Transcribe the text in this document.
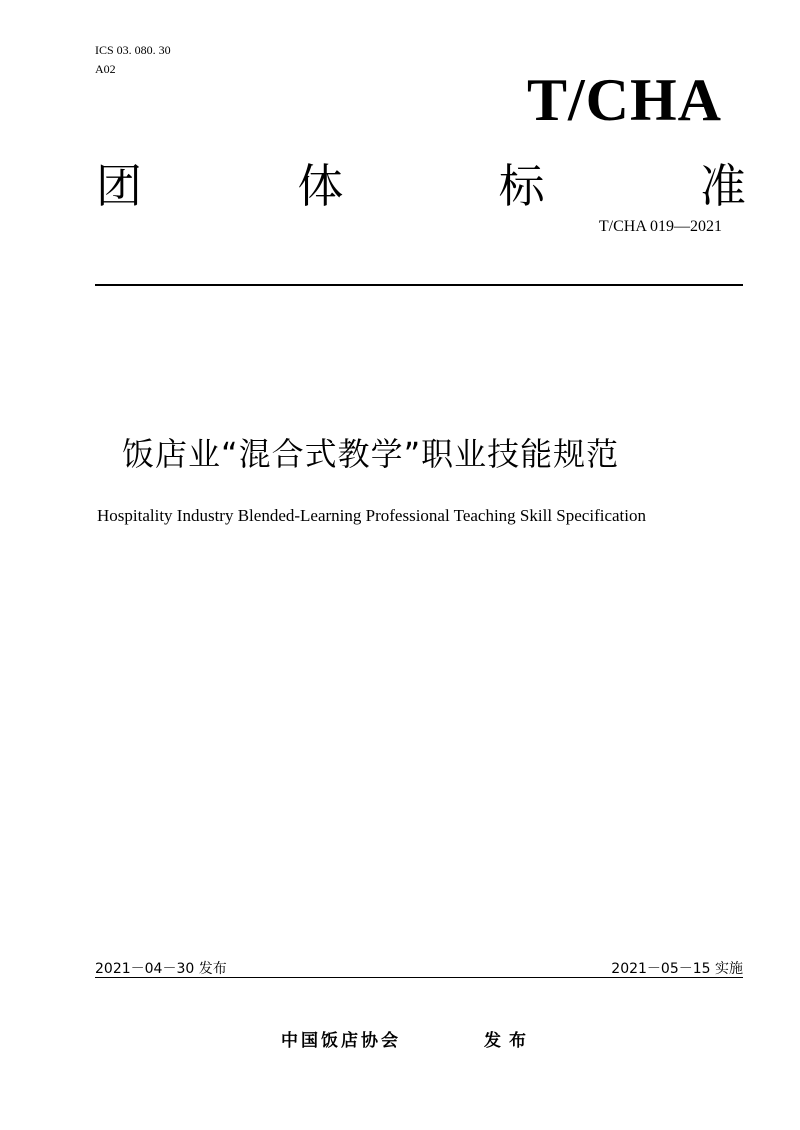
ICS 03. 080. 30
A02	T/CHA
团	体	标	准
T/CHA 019—2021
饭店业“混合式教学”职业技能规范
Hospitality Industry Blended-Learning Professional Teaching Skill Specification
2021－04－30 发布	2021－05－15 实施
中国饭店协会	发布
